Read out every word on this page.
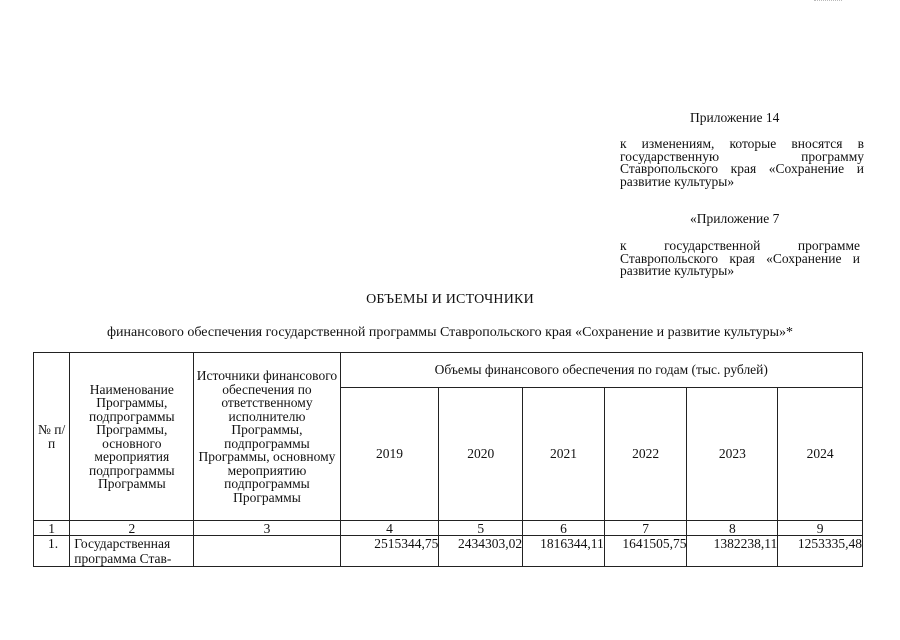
Приложение 14
к изменениям, которые вносятся в государственную программу Ставропольского края «Сохранение и развитие культуры»
«Приложение 7
к государственной программе Ставропольского края «Сохранение и развитие культуры»
ОБЪЕМЫ И ИСТОЧНИКИ
финансового обеспечения государственной программы Ставропольского края «Сохранение и развитие культуры»*
№ п/п	Наименование Программы, подпрограммы Программы, основного мероприятия подпрограммы Программы	Источники финансового обеспечения по ответственному исполнителю Программы, подпрограммы Программы, основному мероприятию подпрограммы Программы	Объемы финансового обеспечения по годам (тыс. рублей)					
			2019	2020	2021	2022	2023	2024
1	2	3	4	5	6	7	8	9
1.	Государственная программа Став-		2515344,75	2434303,02	1816344,11	1641505,75	1382238,11	1253335,48
